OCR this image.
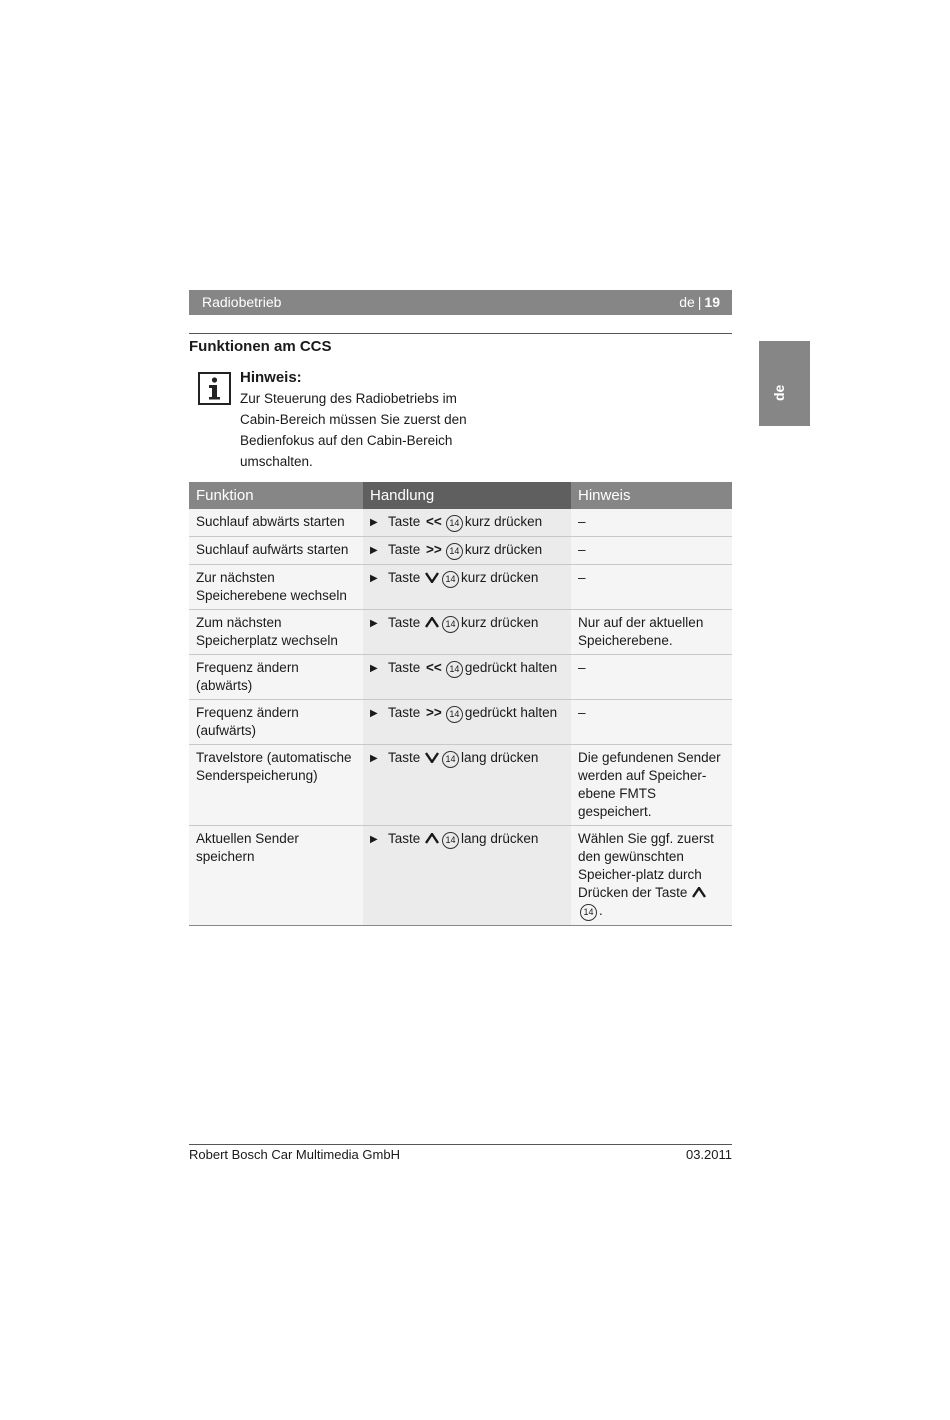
Radiobetrieb	de | 19
de
Funktionen am CCS
Hinweis:
Zur Steuerung des Radiobetriebs im Cabin-Bereich müssen Sie zuerst den Bedienfokus auf den Cabin-Bereich umschalten.
Funktion	Handlung	Hinweis
Suchlauf abwärts starten	▶ Taste << 14 kurz drücken	–
Suchlauf aufwärts starten	▶ Taste >> 14 kurz drücken	–
Zur nächsten Speicherebene wechseln	▶ Taste 14 kurz drücken	–
Zum nächsten Speicherplatz wechseln	▶ Taste 14 kurz drücken	Nur auf der aktuellen Speicherebene.
Frequenz ändern (abwärts)	▶ Taste << 14 gedrückt halten	–
Frequenz ändern (aufwärts)	▶ Taste >> 14 gedrückt halten	–
Travelstore (automatische Senderspeicherung)	▶ Taste 14 lang drücken	Die gefundenen Sender werden auf Speicher-ebene FMTS gespeichert.
Aktuellen Sender speichern	▶ Taste 14 lang drücken	Wählen Sie ggf. zuerst den gewünschten Speicher-platz durch Drücken der Taste 14 .
Robert Bosch Car Multimedia GmbH	03.2011
